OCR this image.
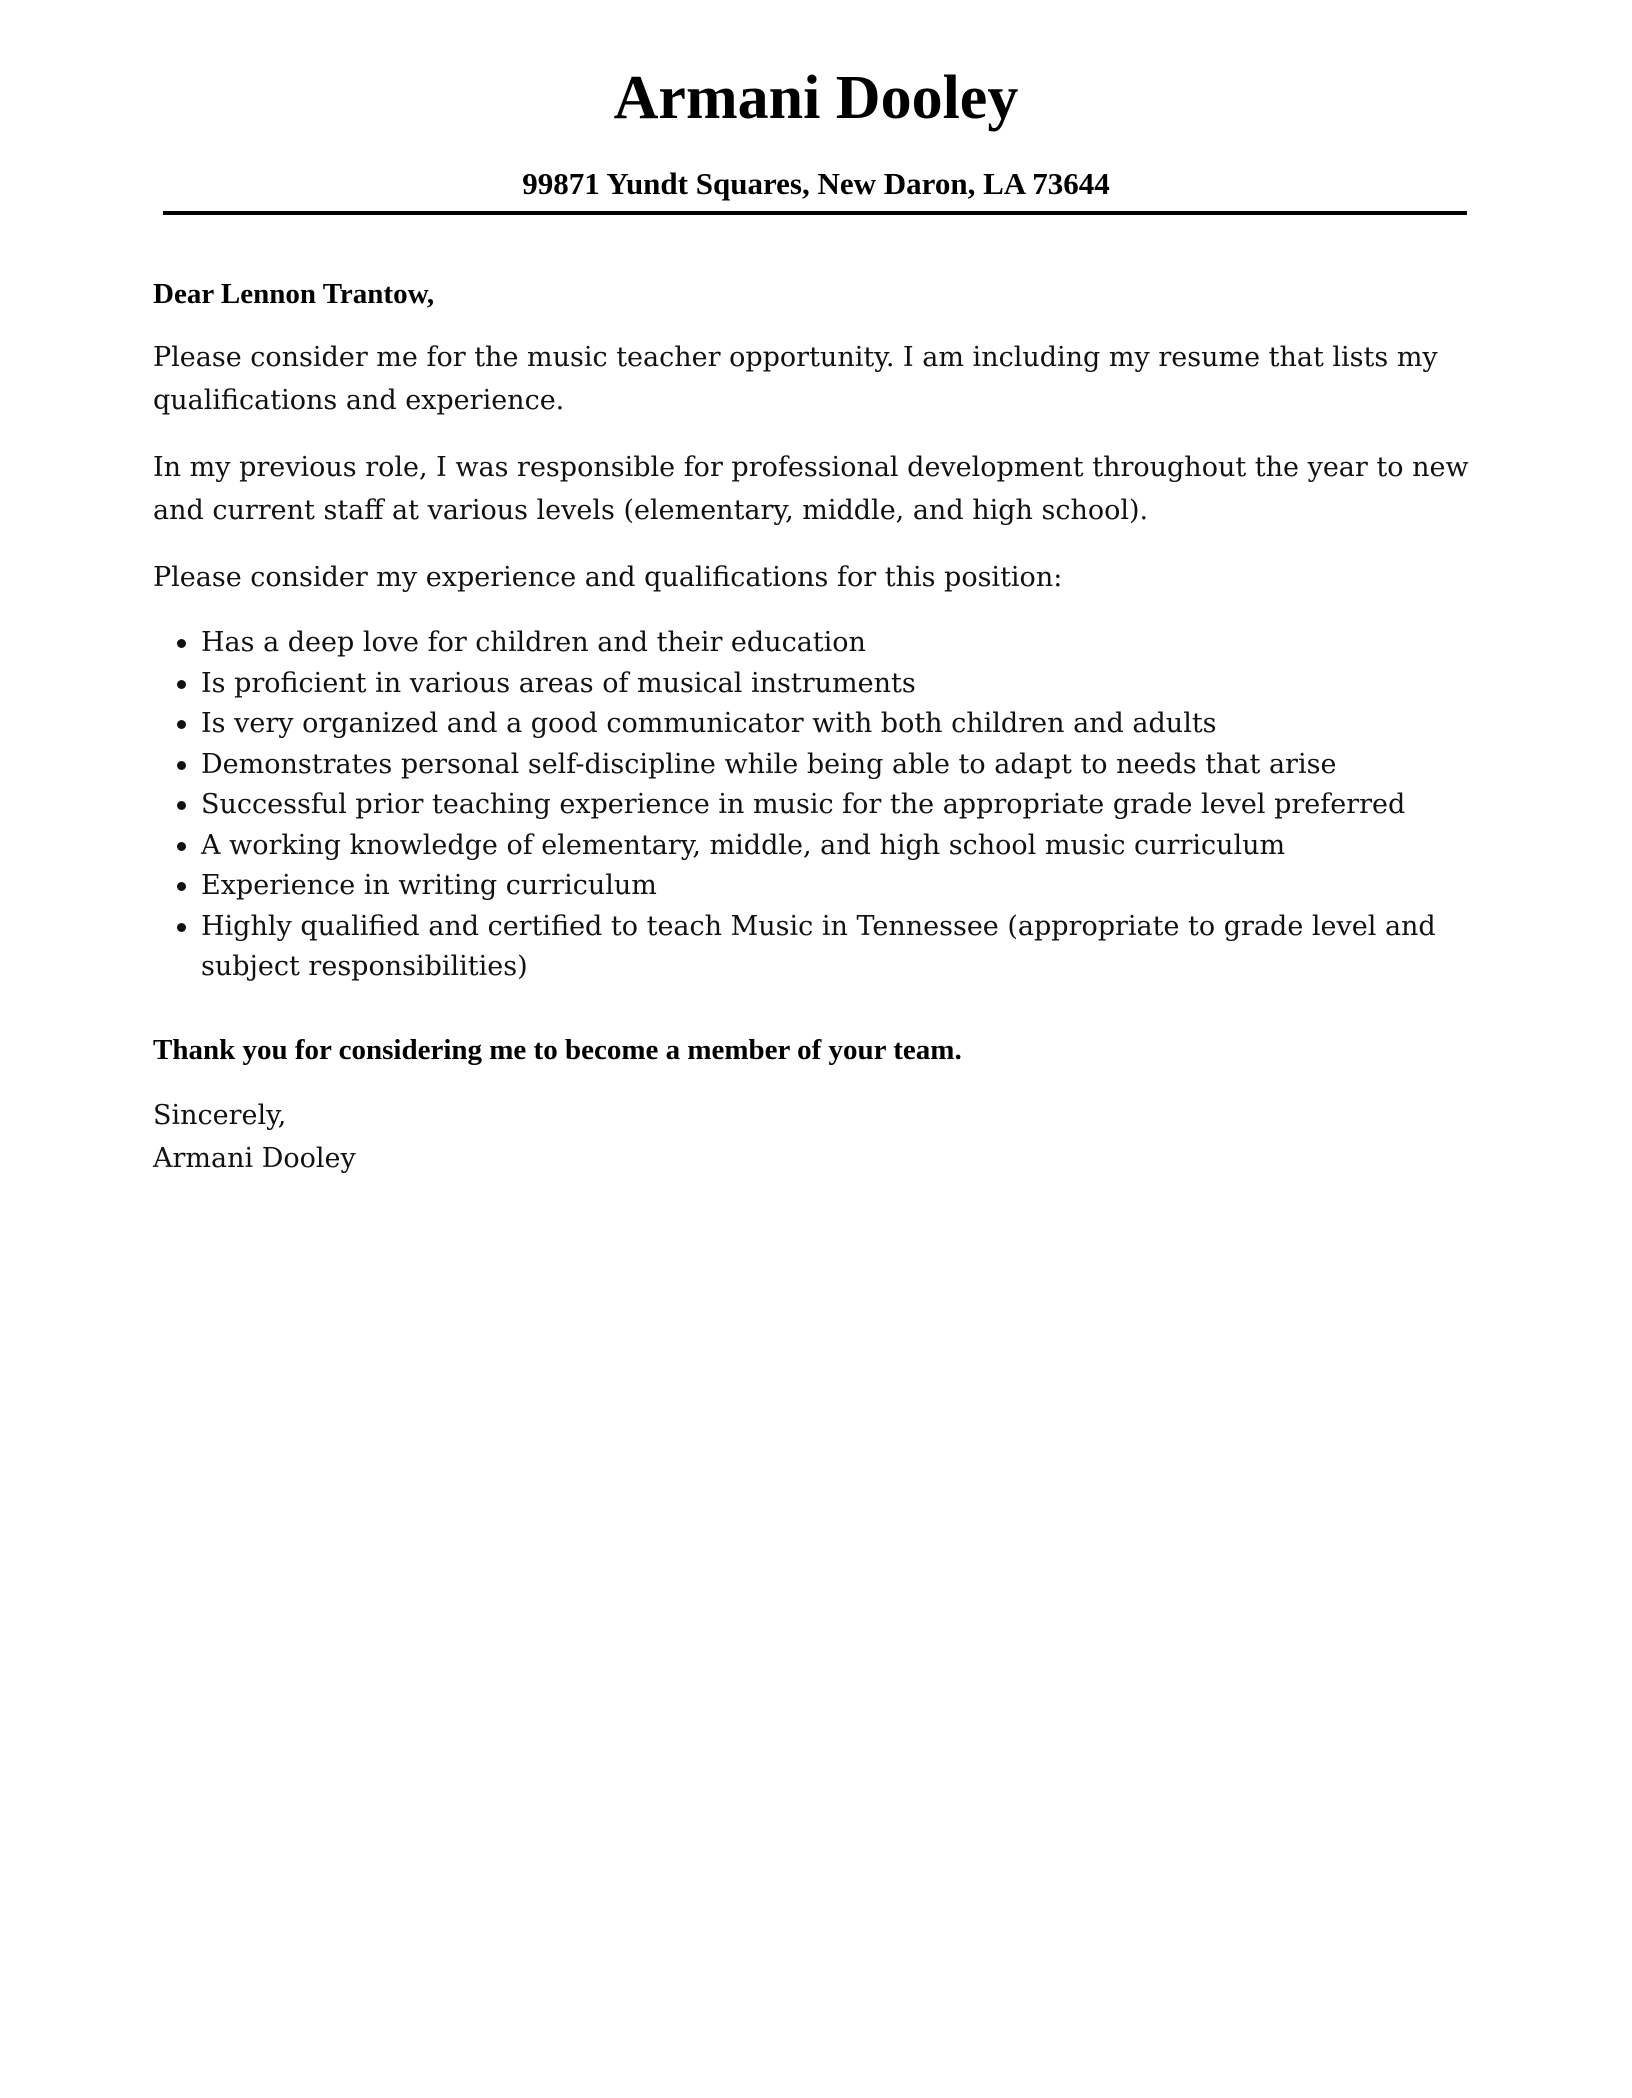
Armani Dooley
99871 Yundt Squares, New Daron, LA 73644
Dear Lennon Trantow,

Please consider me for the music teacher opportunity. I am including my resume that lists my qualifications and experience.

In my previous role, I was responsible for professional development throughout the year to new and current staff at various levels (elementary, middle, and high school).

Please consider my experience and qualifications for this position:

Has a deep love for children and their education
Is proficient in various areas of musical instruments
Is very organized and a good communicator with both children and adults
Demonstrates personal self-discipline while being able to adapt to needs that arise
Successful prior teaching experience in music for the appropriate grade level preferred
A working knowledge of elementary, middle, and high school music curriculum
Experience in writing curriculum
Highly qualified and certified to teach Music in Tennessee (appropriate to grade level and subject responsibilities)
Thank you for considering me to become a member of your team.
Sincerely,
Armani Dooley
